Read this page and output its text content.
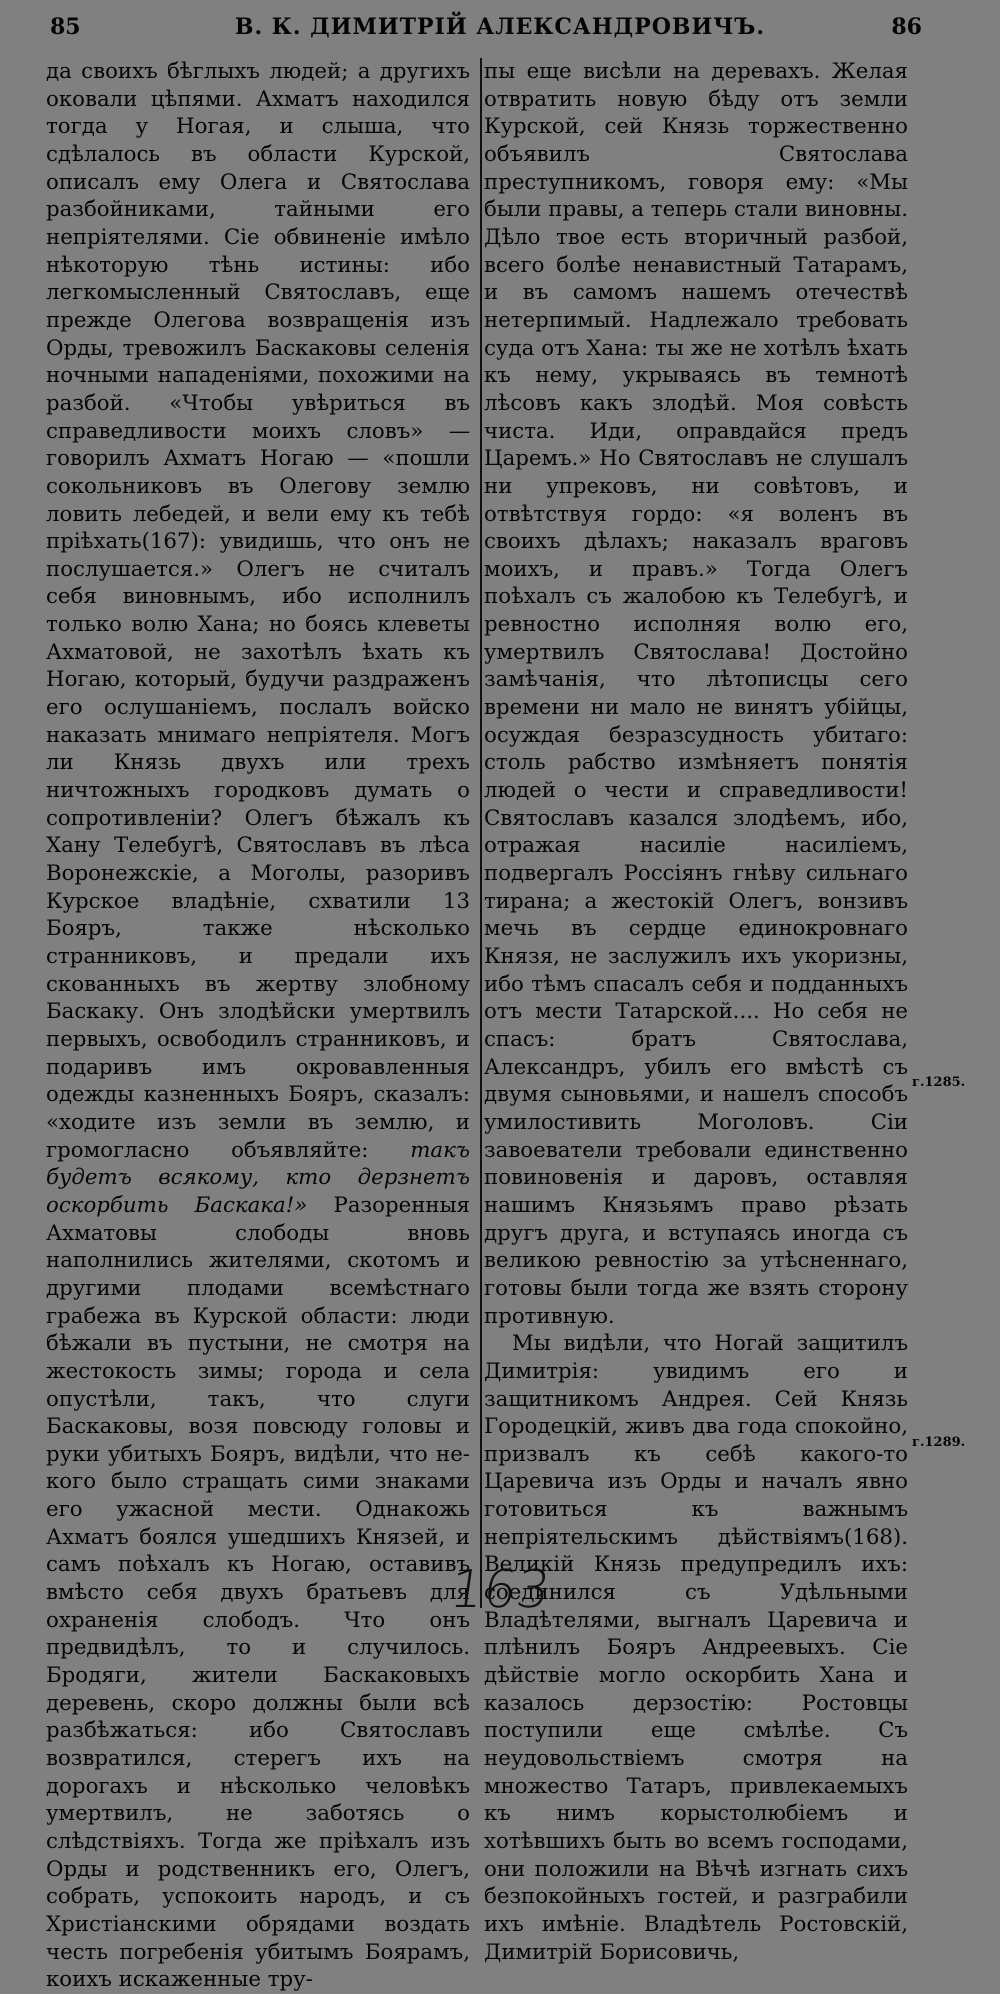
85	В. К. ДИМИТРІЙ АЛЕКСАНДРОВИЧЪ.	86

да своихъ бѣглыхъ людей; а другихъ оковали цѣпями. Ахматъ находился тогда у Ногая, и слыша, что сдѣлалось въ области Курской, описалъ ему Олега и Святослава разбойниками, тайными его непріятелями. Сіе обвиненіе имѣло нѣкоторую тѣнь истины: ибо легкомысленный Святославъ, еще прежде Олегова возвращенія изъ Орды, тревожилъ Баскаковы селенія ночными нападеніями, похожими на разбой. «Чтобы увѣриться въ справедливости моихъ словъ» — говорилъ Ахматъ Ногаю — «пошли сокольниковъ въ Олегову землю ловить лебедей, и вели ему къ тебѣ пріѣхать(167): увидишь, что онъ не послушается.» Олегъ не считалъ себя виновнымъ, ибо исполнилъ только волю Хана; но боясь клеветы Ахматовой, не захотѣлъ ѣхать къ Ногаю, который, будучи раздраженъ его ослушаніемъ, послалъ войско наказать мнимаго непріятеля. Могъ ли Князь двухъ или трехъ ничтожныхъ городковъ думать о сопротивленіи? Олегъ бѣжалъ къ Хану Телебугѣ, Святославъ въ лѣса Воронежскіе, а Моголы, разоривъ Курское владѣніе, схватили 13 Бояръ, также нѣсколько странниковъ, и предали ихъ скованныхъ въ жертву злобному Баскаку. Онъ злодѣйски умертвилъ первыхъ, освободилъ странниковъ, и подаривъ имъ окровавленныя одежды казненныхъ Бояръ, сказалъ: «ходите изъ земли въ землю, и громогласно объявляйте: такъ будетъ всякому, кто дерзнетъ оскорбить Баскака!» Разоренныя Ахматовы слободы вновь наполнились жителями, скотомъ и другими плодами всемѣстнаго грабежа въ Курской области: люди бѣжали въ пустыни, не смотря на жестокость зимы; города и села опустѣли, такъ, что слуги Баскаковы, возя повсюду головы и руки убитыхъ Бояръ, видѣли, что не-кого было стращать сими знаками его ужасной мести. Однакожь Ахматъ боялся ушедшихъ Князей, и самъ поѣхалъ къ Ногаю, оставивъ вмѣсто себя двухъ братьевъ для охраненія слободъ. Что онъ предвидѣлъ, то и случилось. Бродяги, жители Баскаковыхъ деревень, скоро должны были всѣ разбѣжаться: ибо Святославъ возвратился, стерегъ ихъ на дорогахъ и нѣсколько человѣкъ умертвилъ, не заботясь о слѣдствіяхъ. Тогда же пріѣхалъ изъ Орды и родственникъ его, Олегъ, собрать, успокоить народъ, и съ Христіанскими обрядами воздать честь погребенія убитымъ Боярамъ, коихъ искаженные тру-

пы еще висѣли на деревахъ. Желая отвратить новую бѣду отъ земли Курской, сей Князь торжественно объявилъ Святослава преступникомъ, говоря ему: «Мы были правы, а теперь стали виновны. Дѣло твое есть вторичный разбой, всего болѣе ненавистный Татарамъ, и въ самомъ нашемъ отечествѣ нетерпимый. Надлежало требовать суда отъ Хана: ты же не хотѣлъ ѣхать къ нему, укрываясь въ темнотѣ лѣсовъ какъ злодѣй. Моя совѣсть чиста. Иди, оправдайся предъ Царемъ.» Но Святославъ не слушалъ ни упрековъ, ни совѣтовъ, и отвѣтствуя гордо: «я воленъ въ своихъ дѣлахъ; наказалъ враговъ моихъ, и правъ.» Тогда Олегъ поѣхалъ съ жалобою къ Телебугѣ, и ревностно исполняя волю его, умертвилъ Святослава! Достойно замѣчанія, что лѣтописцы сего времени ни мало не винятъ убійцы, осуждая безразсудность убитаго: столь рабство измѣняетъ понятія людей о чести и справедливости! Святославъ казался злодѣемъ, ибо, отражая насиліе насиліемъ, подвергалъ Россіянъ гнѣву сильнаго тирана; а жестокій Олегъ, вонзивъ мечь въ сердце единокровнаго Князя, не заслужилъ ихъ укоризны, ибо тѣмъ спасалъ себя и подданныхъ отъ мести Татарской.... Но себя не спасъ: братъ Святослава, Александръ, убилъ его вмѣстѣ съ двумя сыновьями, и нашелъ способъ умилостивить Моголовъ. Сіи завоеватели требовали единственно повиновенія и даровъ, оставляя нашимъ Князьямъ право рѣзать другъ друга, и вступаясь иногда съ великою ревностію за утѣсненнаго, готовы были тогда же взять сторону противную.

Мы видѣли, что Ногай защитилъ Димитрія: увидимъ его и защитникомъ Андрея. Сей Князь Городецкій, живъ два года спокойно, призвалъ къ себѣ какого-то Царевича изъ Орды и началъ явно готовиться къ важнымъ непріятельскимъ дѣйствіямъ(168). Великій Князь предупредилъ ихъ: соединился съ Удѣльными Владѣтелями, выгналъ Царевича и плѣнилъ Бояръ Андреевыхъ. Сіе дѣйствіе могло оскорбить Хана и казалось дерзостію: Ростовцы поступили еще смѣлѣе. Съ неудовольствіемъ смотря на множество Татаръ, привлекаемыхъ къ нимъ корыстолюбіемъ и хотѣвшихъ быть во всемъ господами, они положили на Вѣчѣ изгнать сихъ безпокойныхъ гостей, и разграбили ихъ имѣніе. Владѣтель Ростовскій, Димитрій Борисовичь,

г.1285.
г.1289.
163
